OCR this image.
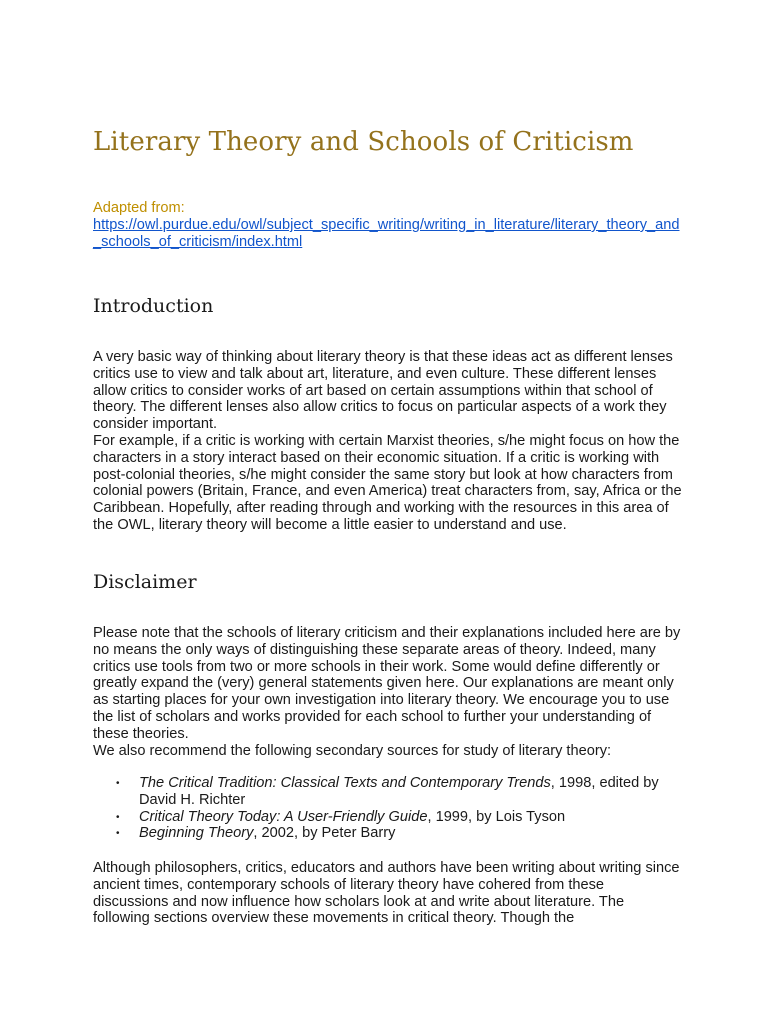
Literary Theory and Schools of Criticism
Adapted from:
https://owl.purdue.edu/owl/subject_specific_writing/writing_in_literature/literary_theory_and_schools_of_criticism/index.html
Introduction

A very basic way of thinking about literary theory is that these ideas act as different lenses critics use to view and talk about art, literature, and even culture. These different lenses allow critics to consider works of art based on certain assumptions within that school of theory. The different lenses also allow critics to focus on particular aspects of a work they consider important.

For example, if a critic is working with certain Marxist theories, s/he might focus on how the characters in a story interact based on their economic situation. If a critic is working with post-colonial theories, s/he might consider the same story but look at how characters from colonial powers (Britain, France, and even America) treat characters from, say, Africa or the Caribbean. Hopefully, after reading through and working with the resources in this area of the OWL, literary theory will become a little easier to understand and use.

Disclaimer

Please note that the schools of literary criticism and their explanations included here are by no means the only ways of distinguishing these separate areas of theory. Indeed, many critics use tools from two or more schools in their work. Some would define differently or greatly expand the (very) general statements given here. Our explanations are meant only as starting places for your own investigation into literary theory. We encourage you to use the list of scholars and works provided for each school to further your understanding of these theories.

We also recommend the following secondary sources for study of literary theory:

• The Critical Tradition: Classical Texts and Contemporary Trends, 1998, edited by David H. Richter
• Critical Theory Today: A User-Friendly Guide, 1999, by Lois Tyson
• Beginning Theory, 2002, by Peter Barry

Although philosophers, critics, educators and authors have been writing about writing since ancient times, contemporary schools of literary theory have cohered from these discussions and now influence how scholars look at and write about literature. The following sections overview these movements in critical theory. Though the
